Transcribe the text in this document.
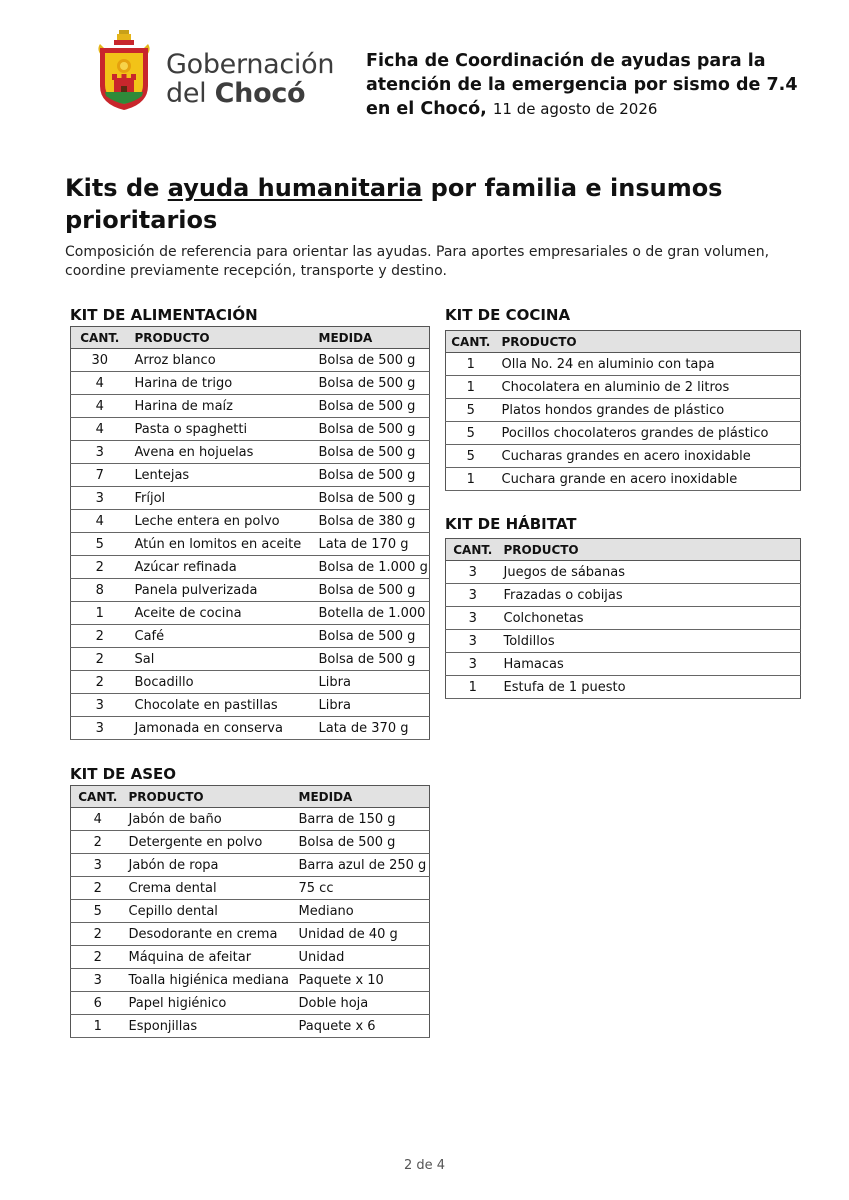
Gobernación
del Chocó
Ficha de Coordinación de ayudas para la atención de la emergencia por sismo de 7.4 en el Chocó, 11 de agosto de 2026
Kits de ayuda humanitaria por familia e insumos prioritarios
Composición de referencia para orientar las ayudas. Para aportes empresariales o de gran volumen, coordine previamente recepción, transporte y destino.
KIT DE ALIMENTACIÓN
CANT.	PRODUCTO	MEDIDA
30	Arroz blanco	Bolsa de 500 g
4	Harina de trigo	Bolsa de 500 g
4	Harina de maíz	Bolsa de 500 g
4	Pasta o spaghetti	Bolsa de 500 g
3	Avena en hojuelas	Bolsa de 500 g
7	Lentejas	Bolsa de 500 g
3	Fríjol	Bolsa de 500 g
4	Leche entera en polvo	Bolsa de 380 g
5	Atún en lomitos en aceite	Lata de 170 g
2	Azúcar refinada	Bolsa de 1.000 g
8	Panela pulverizada	Bolsa de 500 g
1	Aceite de cocina	Botella de 1.000
2	Café	Bolsa de 500 g
2	Sal	Bolsa de 500 g
2	Bocadillo	Libra
3	Chocolate en pastillas	Libra
3	Jamonada en conserva	Lata de 370 g
KIT DE ASEO
CANT.	PRODUCTO	MEDIDA
4	Jabón de baño	Barra de 150 g
2	Detergente en polvo	Bolsa de 500 g
3	Jabón de ropa	Barra azul de 250 g
2	Crema dental	75 cc
5	Cepillo dental	Mediano
2	Desodorante en crema	Unidad de 40 g
2	Máquina de afeitar	Unidad
3	Toalla higiénica mediana	Paquete x 10
6	Papel higiénico	Doble hoja
1	Esponjillas	Paquete x 6
KIT DE COCINA
CANT.	PRODUCTO
1	Olla No. 24 en aluminio con tapa
1	Chocolatera en aluminio de 2 litros
5	Platos hondos grandes de plástico
5	Pocillos chocolateros grandes de plástico
5	Cucharas grandes en acero inoxidable
1	Cuchara grande en acero inoxidable
KIT DE HÁBITAT
CANT.	PRODUCTO
3	Juegos de sábanas
3	Frazadas o cobijas
3	Colchonetas
3	Toldillos
3	Hamacas
1	Estufa de 1 puesto
2 de 4
